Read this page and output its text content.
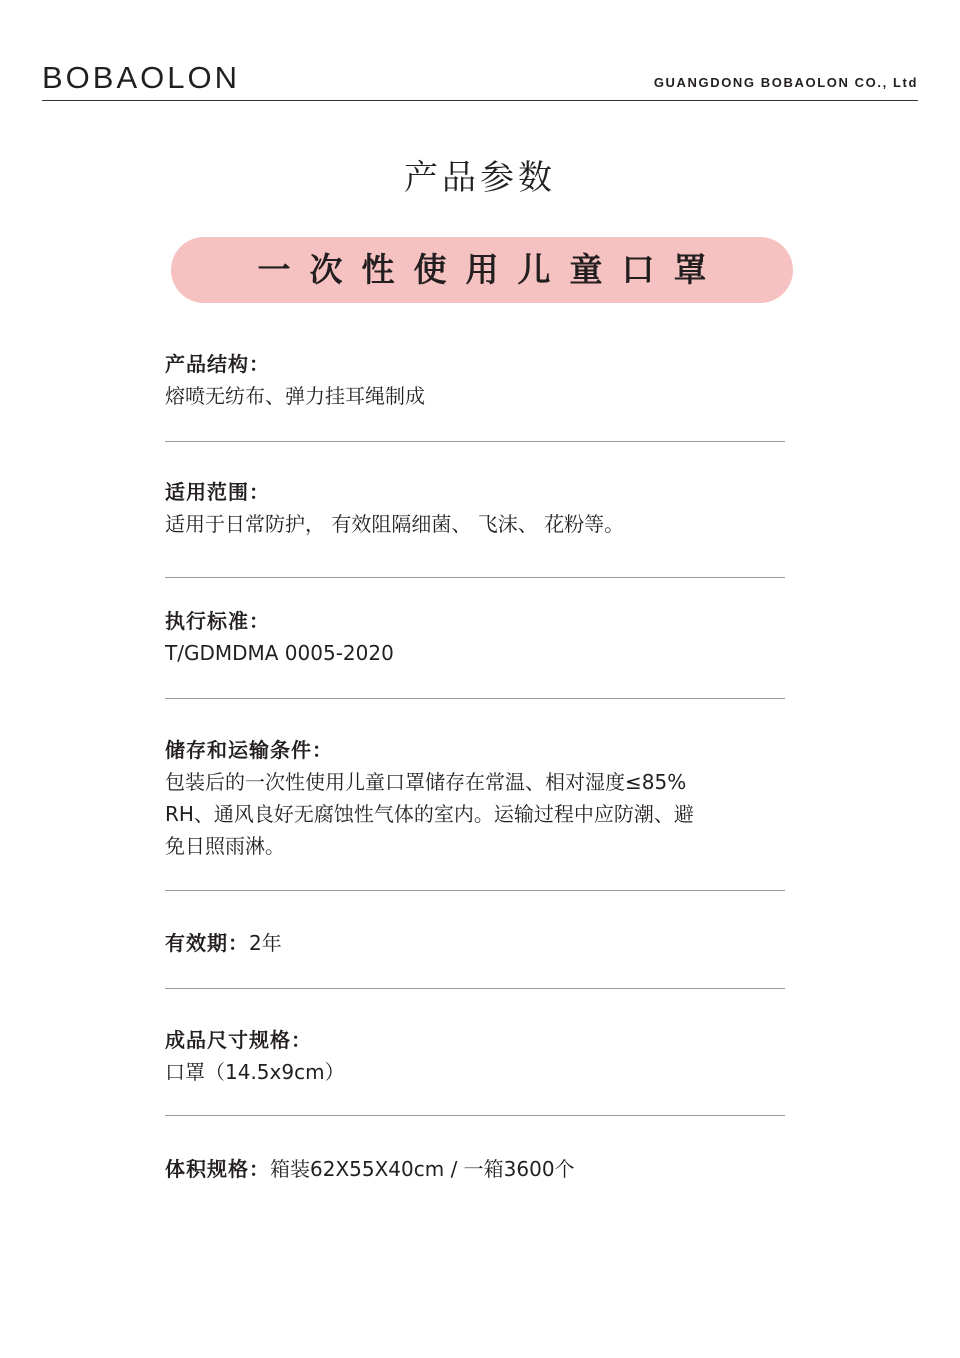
BOBAOLON	GUANGDONG BOBAOLON CO., Ltd
产品参数
一次性使用儿童口罩
产品结构：
熔喷无纺布、弹力挂耳绳制成
适用范围：
适用于日常防护， 有效阻隔细菌、 飞沫、 花粉等。
执行标准：
T/GDMDMA 0005-2020
储存和运输条件：
包装后的一次性使用儿童口罩储存在常温、相对湿度≤85%
RH、通风良好无腐蚀性气体的室内。运输过程中应防潮、避
免日照雨淋。
有效期：2年
成品尺寸规格：
口罩（14.5x9cm）
体积规格：箱装62X55X40cm / 一箱3600个
